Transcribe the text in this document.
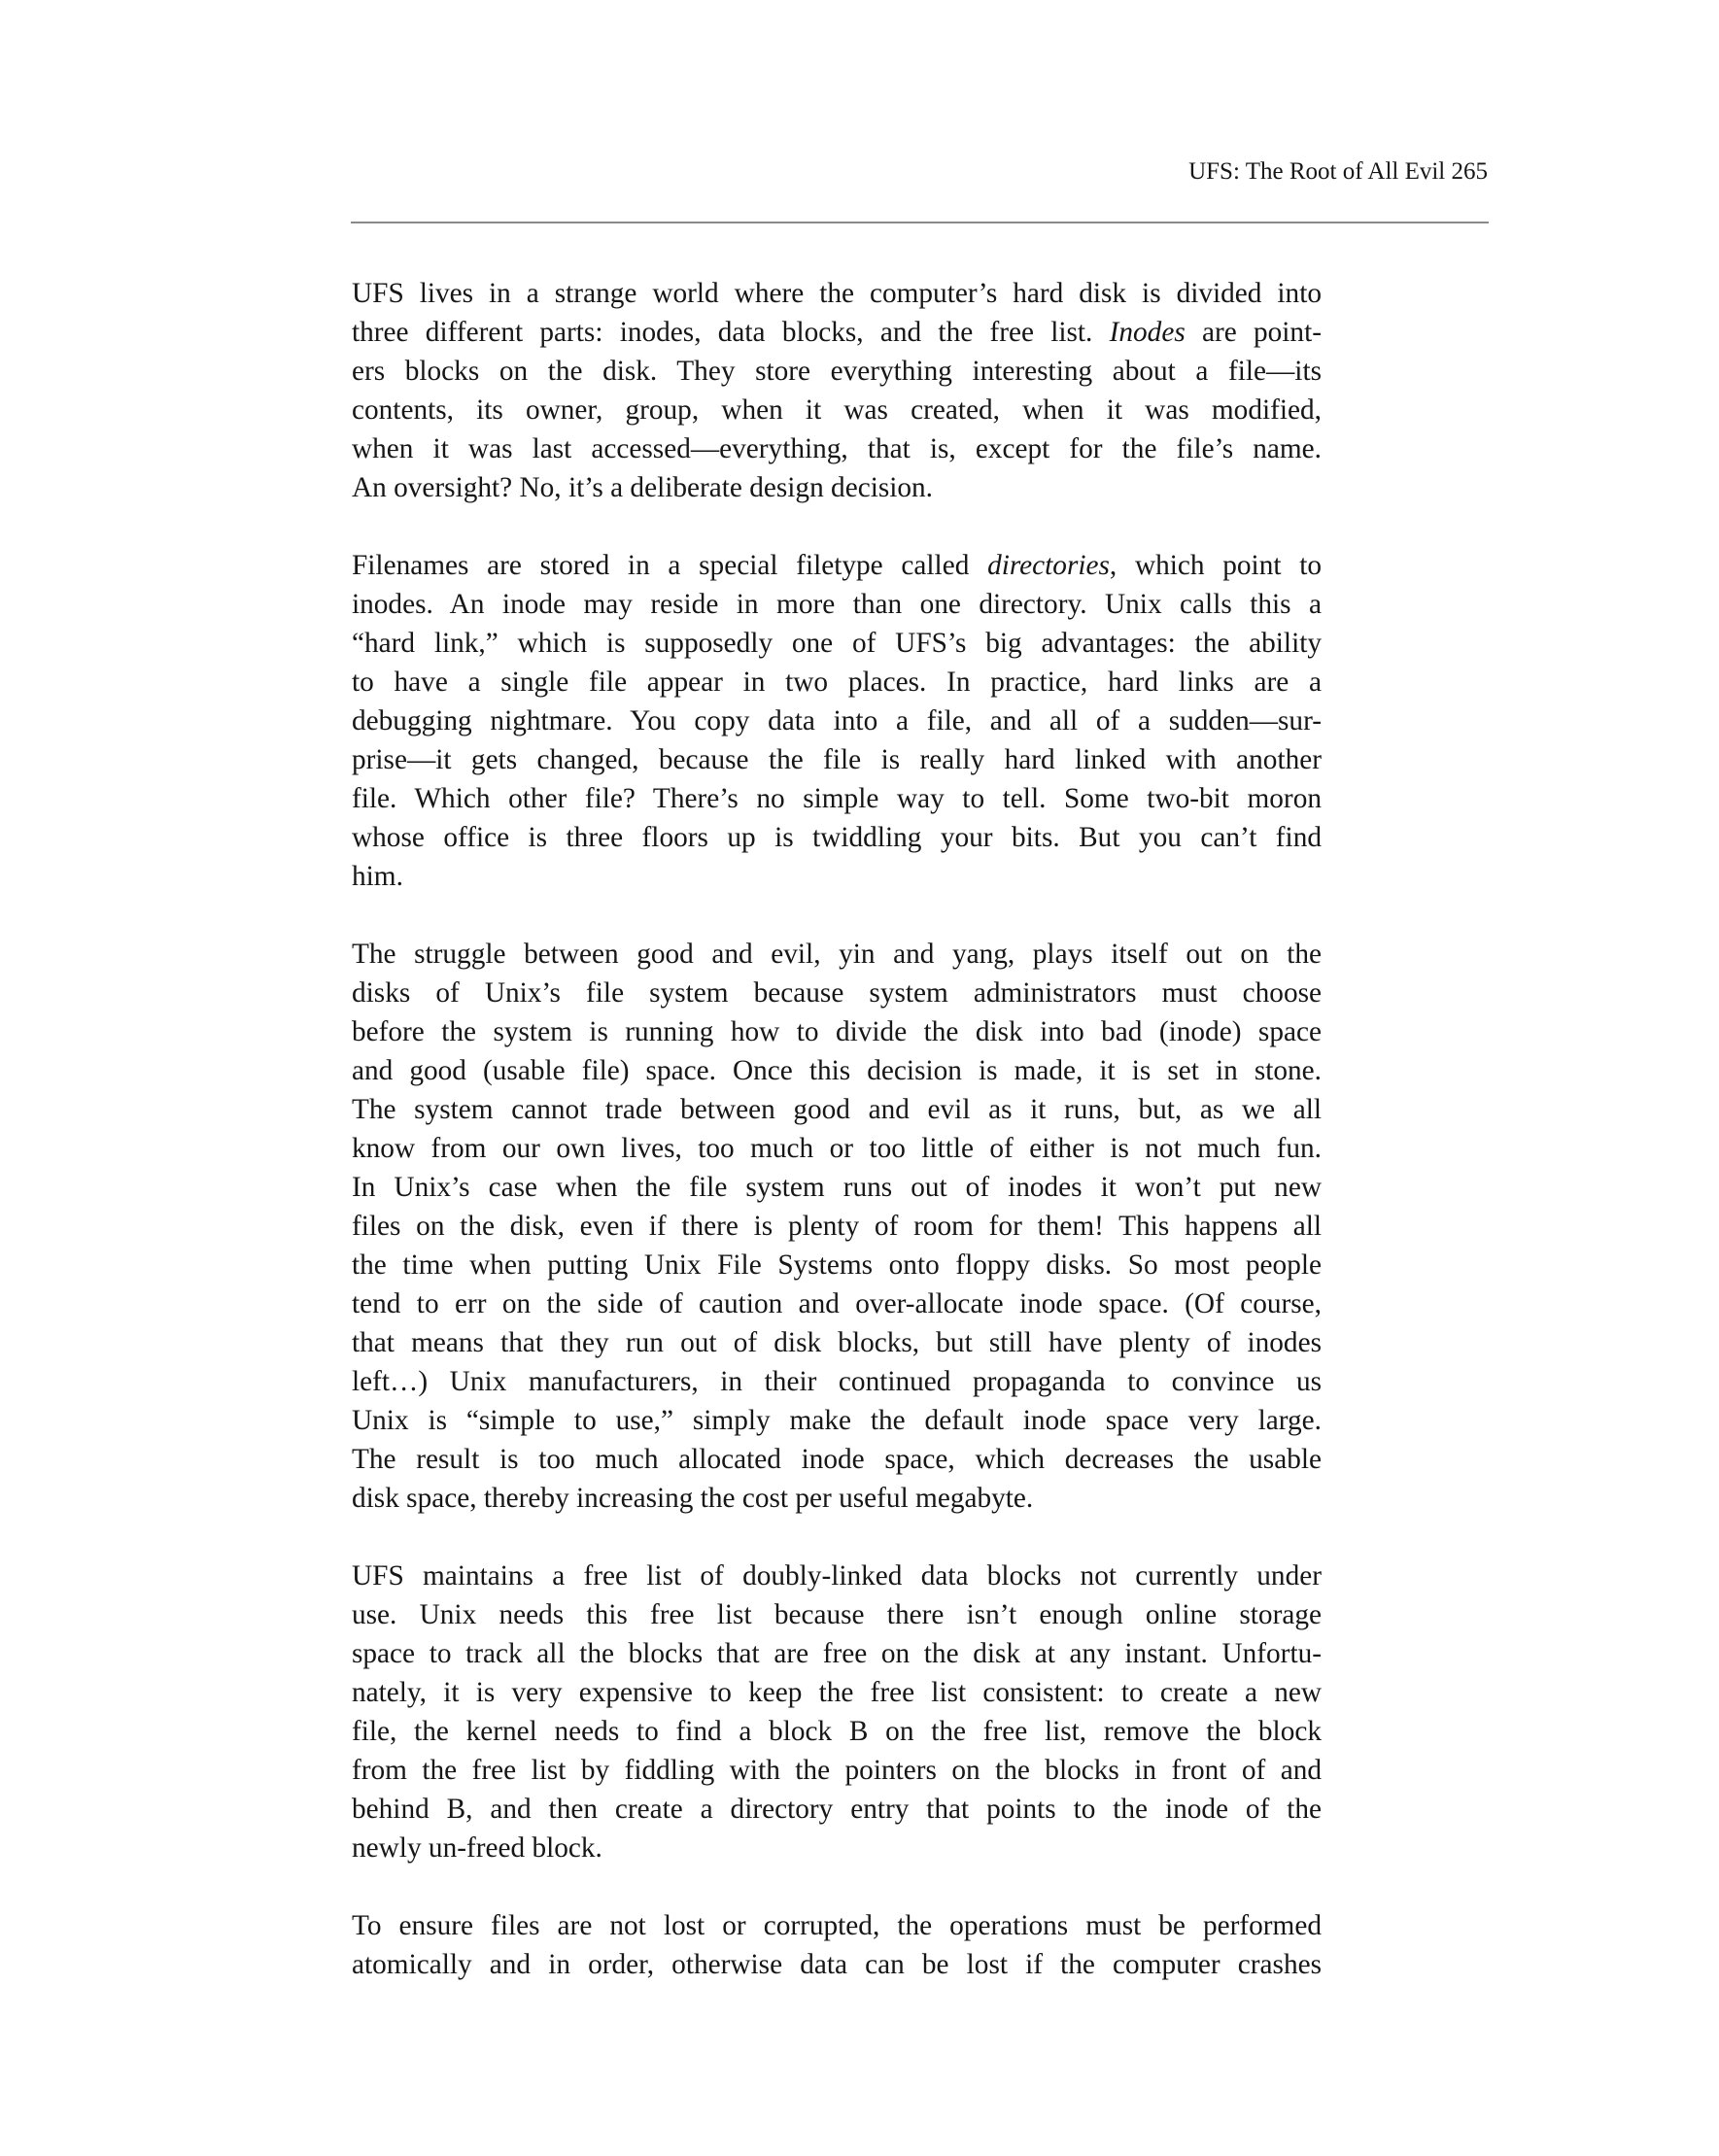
UFS: The Root of All Evil 265
UFS lives in a strange world where the computer’s hard disk is divided into
three different parts: inodes, data blocks, and the free list. Inodes are point-
ers blocks on the disk. They store everything interesting about a file—its
contents, its owner, group, when it was created, when it was modified,
when it was last accessed—everything, that is, except for the file’s name.
An oversight? No, it’s a deliberate design decision.
Filenames are stored in a special filetype called directories, which point to
inodes. An inode may reside in more than one directory. Unix calls this a
“hard link,” which is supposedly one of UFS’s big advantages: the ability
to have a single file appear in two places. In practice, hard links are a
debugging nightmare. You copy data into a file, and all of a sudden—sur-
prise—it gets changed, because the file is really hard linked with another
file. Which other file? There’s no simple way to tell. Some two-bit moron
whose office is three floors up is twiddling your bits. But you can’t find
him.
The struggle between good and evil, yin and yang, plays itself out on the
disks of Unix’s file system because system administrators must choose
before the system is running how to divide the disk into bad (inode) space
and good (usable file) space. Once this decision is made, it is set in stone.
The system cannot trade between good and evil as it runs, but, as we all
know from our own lives, too much or too little of either is not much fun.
In Unix’s case when the file system runs out of inodes it won’t put new
files on the disk, even if there is plenty of room for them! This happens all
the time when putting Unix File Systems onto floppy disks. So most people
tend to err on the side of caution and over-allocate inode space. (Of course,
that means that they run out of disk blocks, but still have plenty of inodes
left…) Unix manufacturers, in their continued propaganda to convince us
Unix is “simple to use,” simply make the default inode space very large.
The result is too much allocated inode space, which decreases the usable
disk space, thereby increasing the cost per useful megabyte.
UFS maintains a free list of doubly-linked data blocks not currently under
use. Unix needs this free list because there isn’t enough online storage
space to track all the blocks that are free on the disk at any instant. Unfortu-
nately, it is very expensive to keep the free list consistent: to create a new
file, the kernel needs to find a block B on the free list, remove the block
from the free list by fiddling with the pointers on the blocks in front of and
behind B, and then create a directory entry that points to the inode of the
newly un-freed block.
To ensure files are not lost or corrupted, the operations must be performed
atomically and in order, otherwise data can be lost if the computer crashes
